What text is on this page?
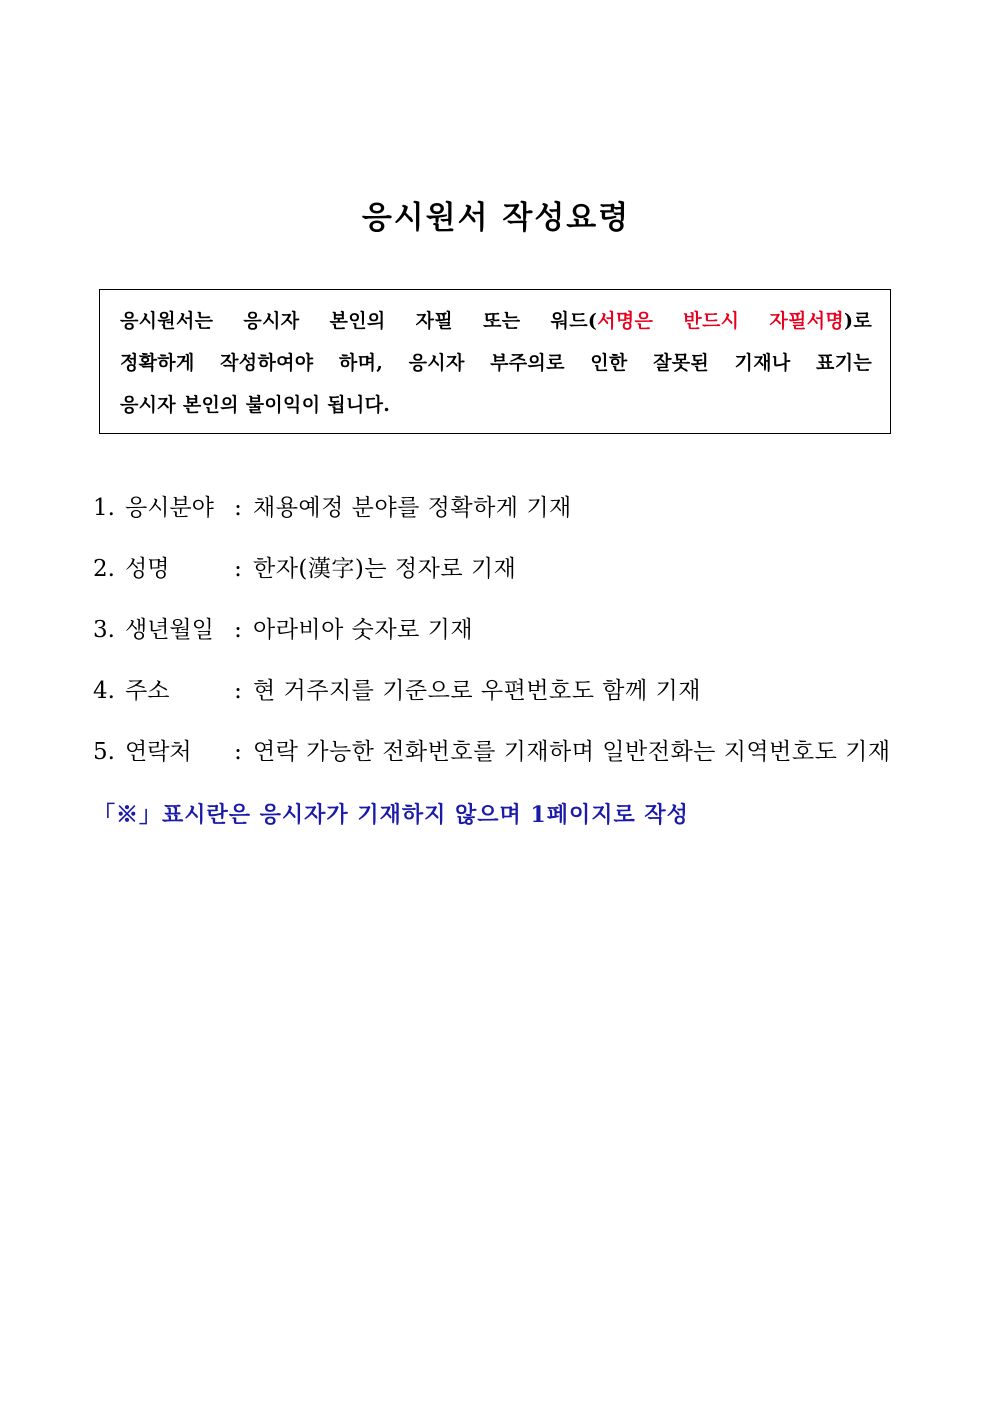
응시원서 작성요령
응시원서는 응시자 본인의 자필 또는 워드(서명은 반드시 자필서명)로
정확하게 작성하여야 하며, 응시자 부주의로 인한 잘못된 기재나 표기는
응시자 본인의 불이익이 됩니다.
1. 응시분야 : 채용예정 분야를 정확하게 기재
2. 성명	: 한자(漢字)는 정자로 기재
3. 생년월일 : 아라비아 숫자로 기재
4. 주소	: 현 거주지를 기준으로 우편번호도 함께 기재
5. 연락처 : 연락 가능한 전화번호를 기재하며 일반전화는 지역번호도 기재
「※」표시란은 응시자가 기재하지 않으며 1페이지로 작성
